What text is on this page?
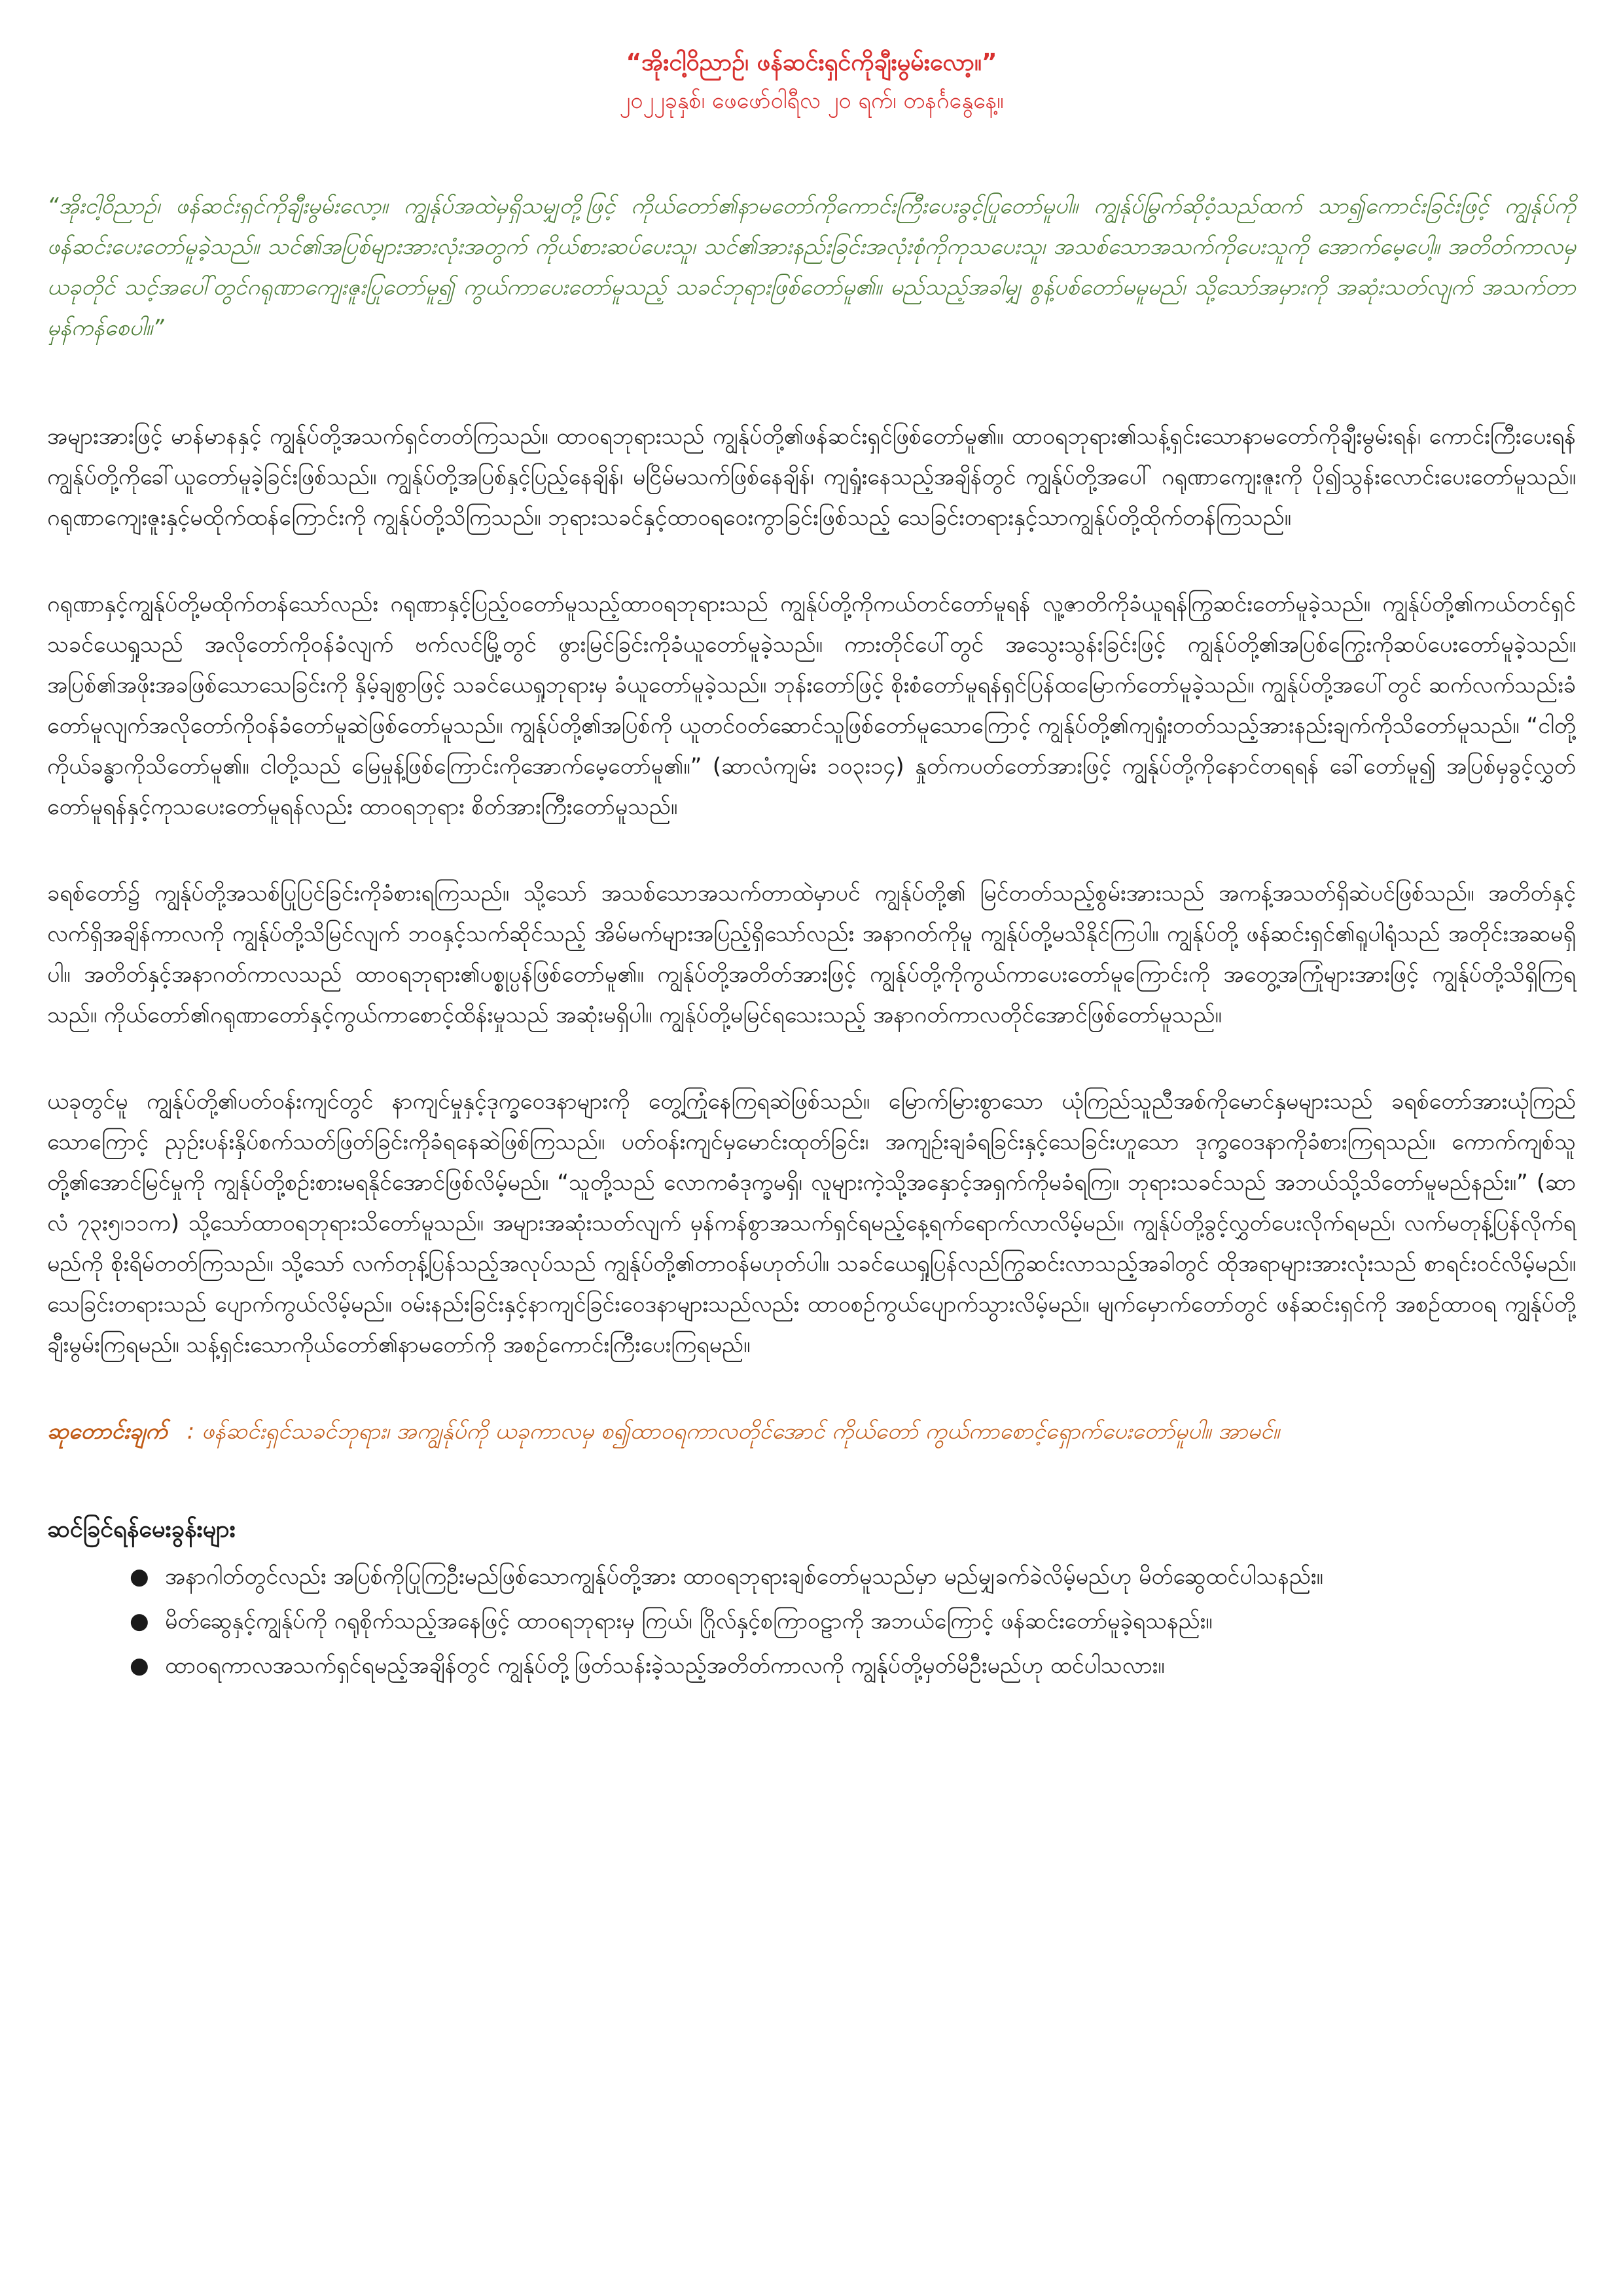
“အိုးငါ့ဝိညာဉ်၊ ဖန်ဆင်းရှင်ကိုချီးမွမ်းလော့။”
၂၀၂၂ခုနှစ်၊ ဖေဖော်ဝါရီလ ၂၀ ရက်၊ တနင်္ဂနွေနေ့။

“အိုးငါ့ဝိညာဉ်၊ ဖန်ဆင်းရှင်ကိုချီးမွမ်းလော့။ ကျွန်ုပ်အထဲမှရှိသမျှတို့ဖြင့် ကိုယ်တော်၏နာမတော်ကိုကောင်းကြီးပေးခွင့်ပြုတော်မူပါ။ ကျွန်ုပ်မြွက်ဆိုဝံ့သည်ထက် သာ၍ကောင်းခြင်းဖြင့် ကျွန်ုပ်ကိုဖန်ဆင်းပေးတော်မူခဲ့သည်။ သင်၏အပြစ်များအားလုံးအတွက် ကိုယ်စားဆပ်ပေးသူ၊ သင်၏အားနည်းခြင်းအလုံးစုံကိုကုသပေးသူ၊ အသစ်သောအသက်ကိုပေးသူကို အောက်မေ့ပေါ့။ အတိတ်ကာလမှယခုတိုင် သင့်အပေါ်တွင်ဂရုဏာကျေးဇူးပြုတော်မူ၍ ကွယ်ကာပေးတော်မူသည့် သခင်ဘုရားဖြစ်တော်မူ၏။ မည်သည့်အခါမျှ စွန့်ပစ်တော်မမူမည်၊ သို့သော်အမှားကို အဆုံးသတ်လျက် အသက်တာမှန်ကန်စေပါ။”

အများအားဖြင့် မာန်မာနနှင့် ကျွန်ုပ်တို့အသက်ရှင်တတ်ကြသည်။ ထာဝရဘုရားသည် ကျွန်ုပ်တို့၏ဖန်ဆင်းရှင်ဖြစ်တော်မူ၏။ ထာဝရဘုရား၏သန့်ရှင်းသောနာမတော်ကိုချီးမွမ်းရန်၊ ကောင်းကြီးပေးရန် ကျွန်ုပ်တို့ကိုခေါ်ယူတော်မူခဲ့ခြင်းဖြစ်သည်။ ကျွန်ုပ်တို့အပြစ်နှင့်ပြည့်နေချိန်၊ မငြိမ်မသက်ဖြစ်နေချိန်၊ ကျရှုံးနေသည့်အချိန်တွင် ကျွန်ုပ်တို့အပေါ် ဂရုဏာကျေးဇူးကို ပို၍သွန်းလောင်းပေးတော်မူသည်။ ဂရုဏာကျေးဇူးနှင့်မထိုက်ထန်ကြောင်းကို ကျွန်ုပ်တို့သိကြသည်။ ဘုရားသခင်နှင့်ထာဝရဝေးကွာခြင်းဖြစ်သည့် သေခြင်းတရားနှင့်သာကျွန်ုပ်တို့ထိုက်တန်ကြသည်။

ဂရုဏာနှင့်ကျွန်ုပ်တို့မထိုက်တန်သော်လည်း ဂရုဏာနှင့်ပြည့်ဝတော်မူသည့်ထာဝရဘုရားသည် ကျွန်ုပ်တို့ကိုကယ်တင်တော်မူရန် လူ့ဇာတိကိုခံယူရန်ကြွဆင်းတော်မူခဲ့သည်။ ကျွန်ုပ်တို့၏ကယ်တင်ရှင်သခင်ယေရှုသည် အလိုတော်ကိုဝန်ခံလျက် ဗက်လင်မြို့တွင် ဖွားမြင်ခြင်းကိုခံယူတော်မူခဲ့သည်။ ကားတိုင်ပေါ်တွင် အသွေးသွန်းခြင်းဖြင့် ကျွန်ုပ်တို့၏အပြစ်ကြွေးကိုဆပ်ပေးတော်မူခဲ့သည်။ အပြစ်၏အဖိုးအခဖြစ်သောသေခြင်းကို နှိမ့်ချစွာဖြင့် သခင်ယေရှုဘုရားမှ ခံယူတော်မူခဲ့သည်။ ဘုန်းတော်ဖြင့် စိုးစံတော်မူရန်ရှင်ပြန်ထမြောက်တော်မူခဲ့သည်။ ကျွန်ုပ်တို့အပေါ်တွင် ဆက်လက်သည်းခံတော်မူလျက်အလိုတော်ကိုဝန်ခံတော်မူဆဲဖြစ်တော်မူသည်။ ကျွန်ုပ်တို့၏အပြစ်ကို ယူတင်ဝတ်ဆောင်သူဖြစ်တော်မူသောကြောင့် ကျွန်ုပ်တို့၏ကျရှုံးတတ်သည့်အားနည်းချက်ကိုသိတော်မူသည်။ “ငါတို့ ကိုယ်ခန္ဓာကိုသိတော်မူ၏။ ငါတို့သည် မြေမှုန့်ဖြစ်ကြောင်းကိုအောက်မေ့တော်မူ၏။” (ဆာလံကျမ်း ၁၀၃း၁၄) နှုတ်ကပတ်တော်အားဖြင့် ကျွန်ုပ်တို့ကိုနောင်တရရန် ခေါ်တော်မူ၍ အပြစ်မှခွင့်လွှတ်တော်မူရန်နှင့်ကုသပေးတော်မူရန်လည်း ထာဝရဘုရား စိတ်အားကြီးတော်မူသည်။

ခရစ်တော်၌ ကျွန်ုပ်တို့အသစ်ပြုပြင်ခြင်းကိုခံစားရကြသည်။ သို့သော် အသစ်သောအသက်တာထဲမှာပင် ကျွန်ုပ်တို့၏ မြင်တတ်သည့်စွမ်းအားသည် အကန့်အသတ်ရှိဆဲပင်ဖြစ်သည်။ အတိတ်နှင့်လက်ရှိအချိန်ကာလကို ကျွန်ုပ်တို့သိမြင်လျက် ဘဝနှင့်သက်ဆိုင်သည့် အိမ်မက်များအပြည့်ရှိသော်လည်း အနာဂတ်ကိုမူ ကျွန်ုပ်တို့မသိနိုင်ကြပါ။ ကျွန်ုပ်တို့ ဖန်ဆင်းရှင်၏ရူပါရုံသည် အတိုင်းအဆမရှိပါ။ အတိတ်နှင့်အနာဂတ်ကာလသည် ထာဝရဘုရား၏ပစ္စုပ္ပန်ဖြစ်တော်မူ၏။ ကျွန်ုပ်တို့အတိတ်အားဖြင့် ကျွန်ုပ်တို့ကိုကွယ်ကာပေးတော်မူကြောင်းကို အတွေ့အကြုံများအားဖြင့် ကျွန်ုပ်တို့သိရှိကြရသည်။ ကိုယ်တော်၏ဂရုဏာတော်နှင့်ကွယ်ကာစောင့်ထိန်းမှုသည် အဆုံးမရှိပါ။ ကျွန်ုပ်တို့မမြင်ရသေးသည့် အနာဂတ်ကာလတိုင်အောင်ဖြစ်တော်မူသည်။

ယခုတွင်မူ ကျွန်ုပ်တို့၏ပတ်ဝန်းကျင်တွင် နာကျင်မှုနှင့်ဒုက္ခဝေဒနာများကို တွေ့ကြုံနေကြရဆဲဖြစ်သည်။ မြောက်မြားစွာသော ယုံကြည်သူညီအစ်ကိုမောင်နှမများသည် ခရစ်တော်အားယုံကြည်သောကြောင့် ညှဉ်းပန်းနှိပ်စက်သတ်ဖြတ်ခြင်းကိုခံရနေဆဲဖြစ်ကြသည်။ ပတ်ဝန်းကျင်မှမောင်းထုတ်ခြင်း၊ အကျဉ်းချခံရခြင်းနှင့်သေခြင်းဟူသော ဒုက္ခဝေဒနာကိုခံစားကြရသည်။ ကောက်ကျစ်သူတို့၏အောင်မြင်မှုကို ကျွန်ုပ်တို့စဉ်းစားမရနိုင်အောင်ဖြစ်လိမ့်မည်။ “သူတို့သည် လောကဓံဒုက္ခမရှိ၊ လူများကဲ့သို့အနှောင့်အရှက်ကိုမခံရကြ။ ဘုရားသခင်သည် အဘယ်သို့သိတော်မူမည်နည်း။” (ဆာလံ ၇၃း၅၊၁၁က) သို့သော်ထာဝရဘုရားသိတော်မူသည်။ အများအဆုံးသတ်လျက် မှန်ကန်စွာအသက်ရှင်ရမည့်နေ့ရက်ရောက်လာလိမ့်မည်။ ကျွန်ုပ်တို့ခွင့်လွှတ်ပေးလိုက်ရမည်၊ လက်မတုန့်ပြန်လိုက်ရမည်ကို စိုးရိမ်တတ်ကြသည်။ သို့သော် လက်တုန့်ပြန်သည့်အလုပ်သည် ကျွန်ုပ်တို့၏တာဝန်မဟုတ်ပါ။ သခင်ယေရှုပြန်လည်ကြွဆင်းလာသည့်အခါတွင် ထိုအရာများအားလုံးသည် စာရင်းဝင်လိမ့်မည်။ သေခြင်းတရားသည် ပျောက်ကွယ်လိမ့်မည်။ ဝမ်းနည်းခြင်းနှင့်နာကျင်ခြင်းဝေဒနာများသည်လည်း ထာဝစဉ်ကွယ်ပျောက်သွားလိမ့်မည်။ မျက်မှောက်တော်တွင် ဖန်ဆင်းရှင်ကို အစဉ်ထာဝရ ကျွန်ုပ်တို့ချီးမွမ်းကြရမည်။ သန့်ရှင်းသောကိုယ်တော်၏နာမတော်ကို အစဉ်ကောင်းကြီးပေးကြရမည်။

ဆုတောင်းချက် : ဖန်ဆင်းရှင်သခင်ဘုရား၊ အကျွန်ုပ်ကို ယခုကာလမှ စ၍ထာဝရကာလတိုင်အောင် ကိုယ်တော် ကွယ်ကာစောင့်ရှောက်ပေးတော်မူပါ။ အာမင်။
ဆင်ခြင်ရန်မေးခွန်းများ
● အနာဂါတ်တွင်လည်း အပြစ်ကိုပြုကြဦးမည်ဖြစ်သောကျွန်ုပ်တို့အား ထာဝရဘုရားချစ်တော်မူသည်မှာ မည်မျှခက်ခဲလိမ့်မည်ဟု မိတ်ဆွေထင်ပါသနည်း။
● မိတ်ဆွေနှင့်ကျွန်ုပ်ကို ဂရုစိုက်သည့်အနေဖြင့် ထာဝရဘုရားမှ ကြယ်၊ ဂြိုလ်နှင့်စကြာဝဠာကို အဘယ်ကြောင့် ဖန်ဆင်းတော်မူခဲ့ရသနည်း။
● ထာဝရကာလအသက်ရှင်ရမည့်အချိန်တွင် ကျွန်ုပ်တို့ဖြတ်သန်းခဲ့သည့်အတိတ်ကာလကို ကျွန်ုပ်တို့မှတ်မိဦးမည်ဟု ထင်ပါသလား။
